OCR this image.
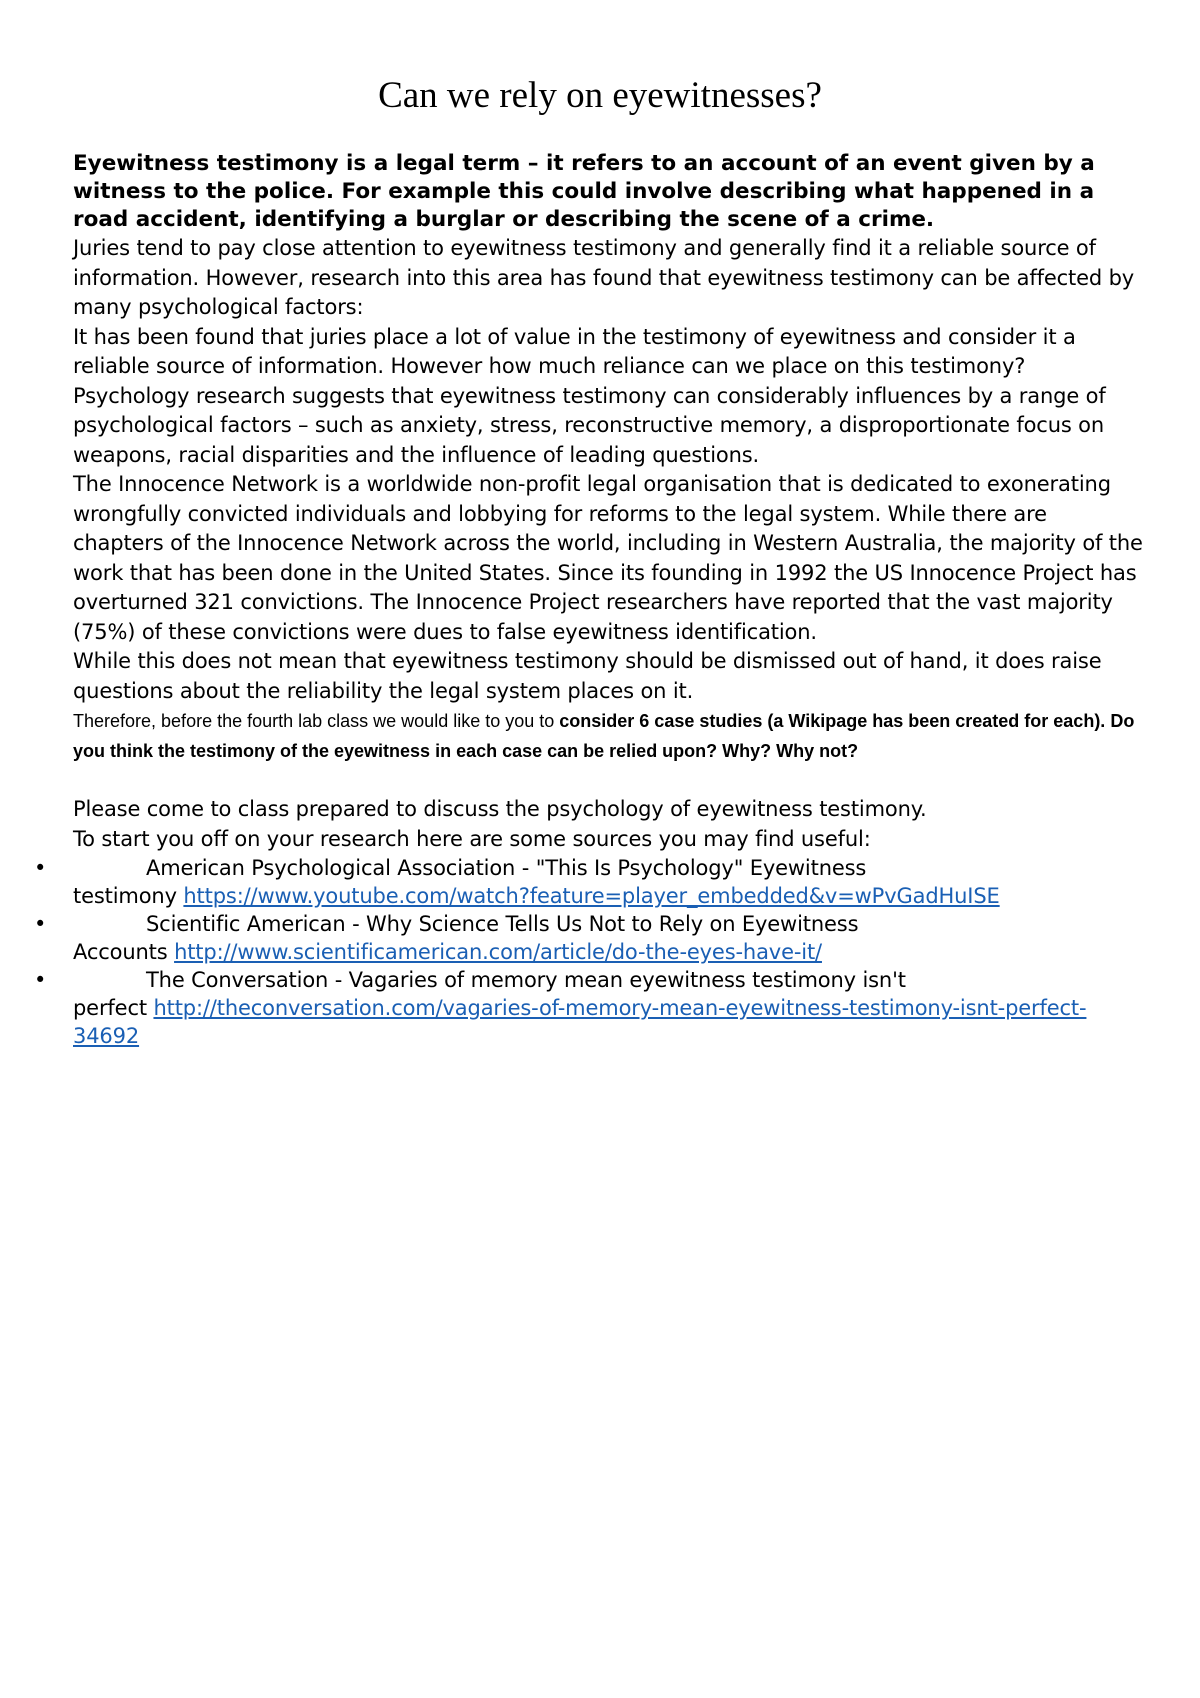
Can we rely on eyewitnesses?

Eyewitness testimony is a legal term – it refers to an account of an event given by a witness to the police. For example this could involve describing what happened in a road accident, identifying a burglar or describing the scene of a crime.

Juries tend to pay close attention to eyewitness testimony and generally find it a reliable source of information. However, research into this area has found that eyewitness testimony can be affected by many psychological factors:

It has been found that juries place a lot of value in the testimony of eyewitness and consider it a reliable source of information. However how much reliance can we place on this testimony? Psychology research suggests that eyewitness testimony can considerably influences by a range of psychological factors – such as anxiety, stress, reconstructive memory, a disproportionate focus on weapons, racial disparities and the influence of leading questions.

The Innocence Network is a worldwide non-profit legal organisation that is dedicated to exonerating wrongfully convicted individuals and lobbying for reforms to the legal system. While there are chapters of the Innocence Network across the world, including in Western Australia, the majority of the work that has been done in the United States. Since its founding in 1992 the US Innocence Project has overturned 321 convictions. The Innocence Project researchers have reported that the vast majority (75%) of these convictions were dues to false eyewitness identification.

While this does not mean that eyewitness testimony should be dismissed out of hand, it does raise questions about the reliability the legal system places on it.

Therefore, before the fourth lab class we would like to you to consider 6 case studies (a Wikipage has been created for each). Do you think the testimony of the eyewitness in each case can be relied upon? Why? Why not?

Please come to class prepared to discuss the psychology of eyewitness testimony.

To start you off on your research here are some sources you may find useful:

•	American Psychological Association - "This Is Psychology" Eyewitness
testimony https://www.youtube.com/watch?feature=player_embedded&v=wPvGadHuISE
•	Scientific American - Why Science Tells Us Not to Rely on Eyewitness
Accounts http://www.scientificamerican.com/article/do-the-eyes-have-it/
•	The Conversation - Vagaries of memory mean eyewitness testimony isn't
perfect http://theconversation.com/vagaries-of-memory-mean-eyewitness-testimony-isnt-perfect-34692
